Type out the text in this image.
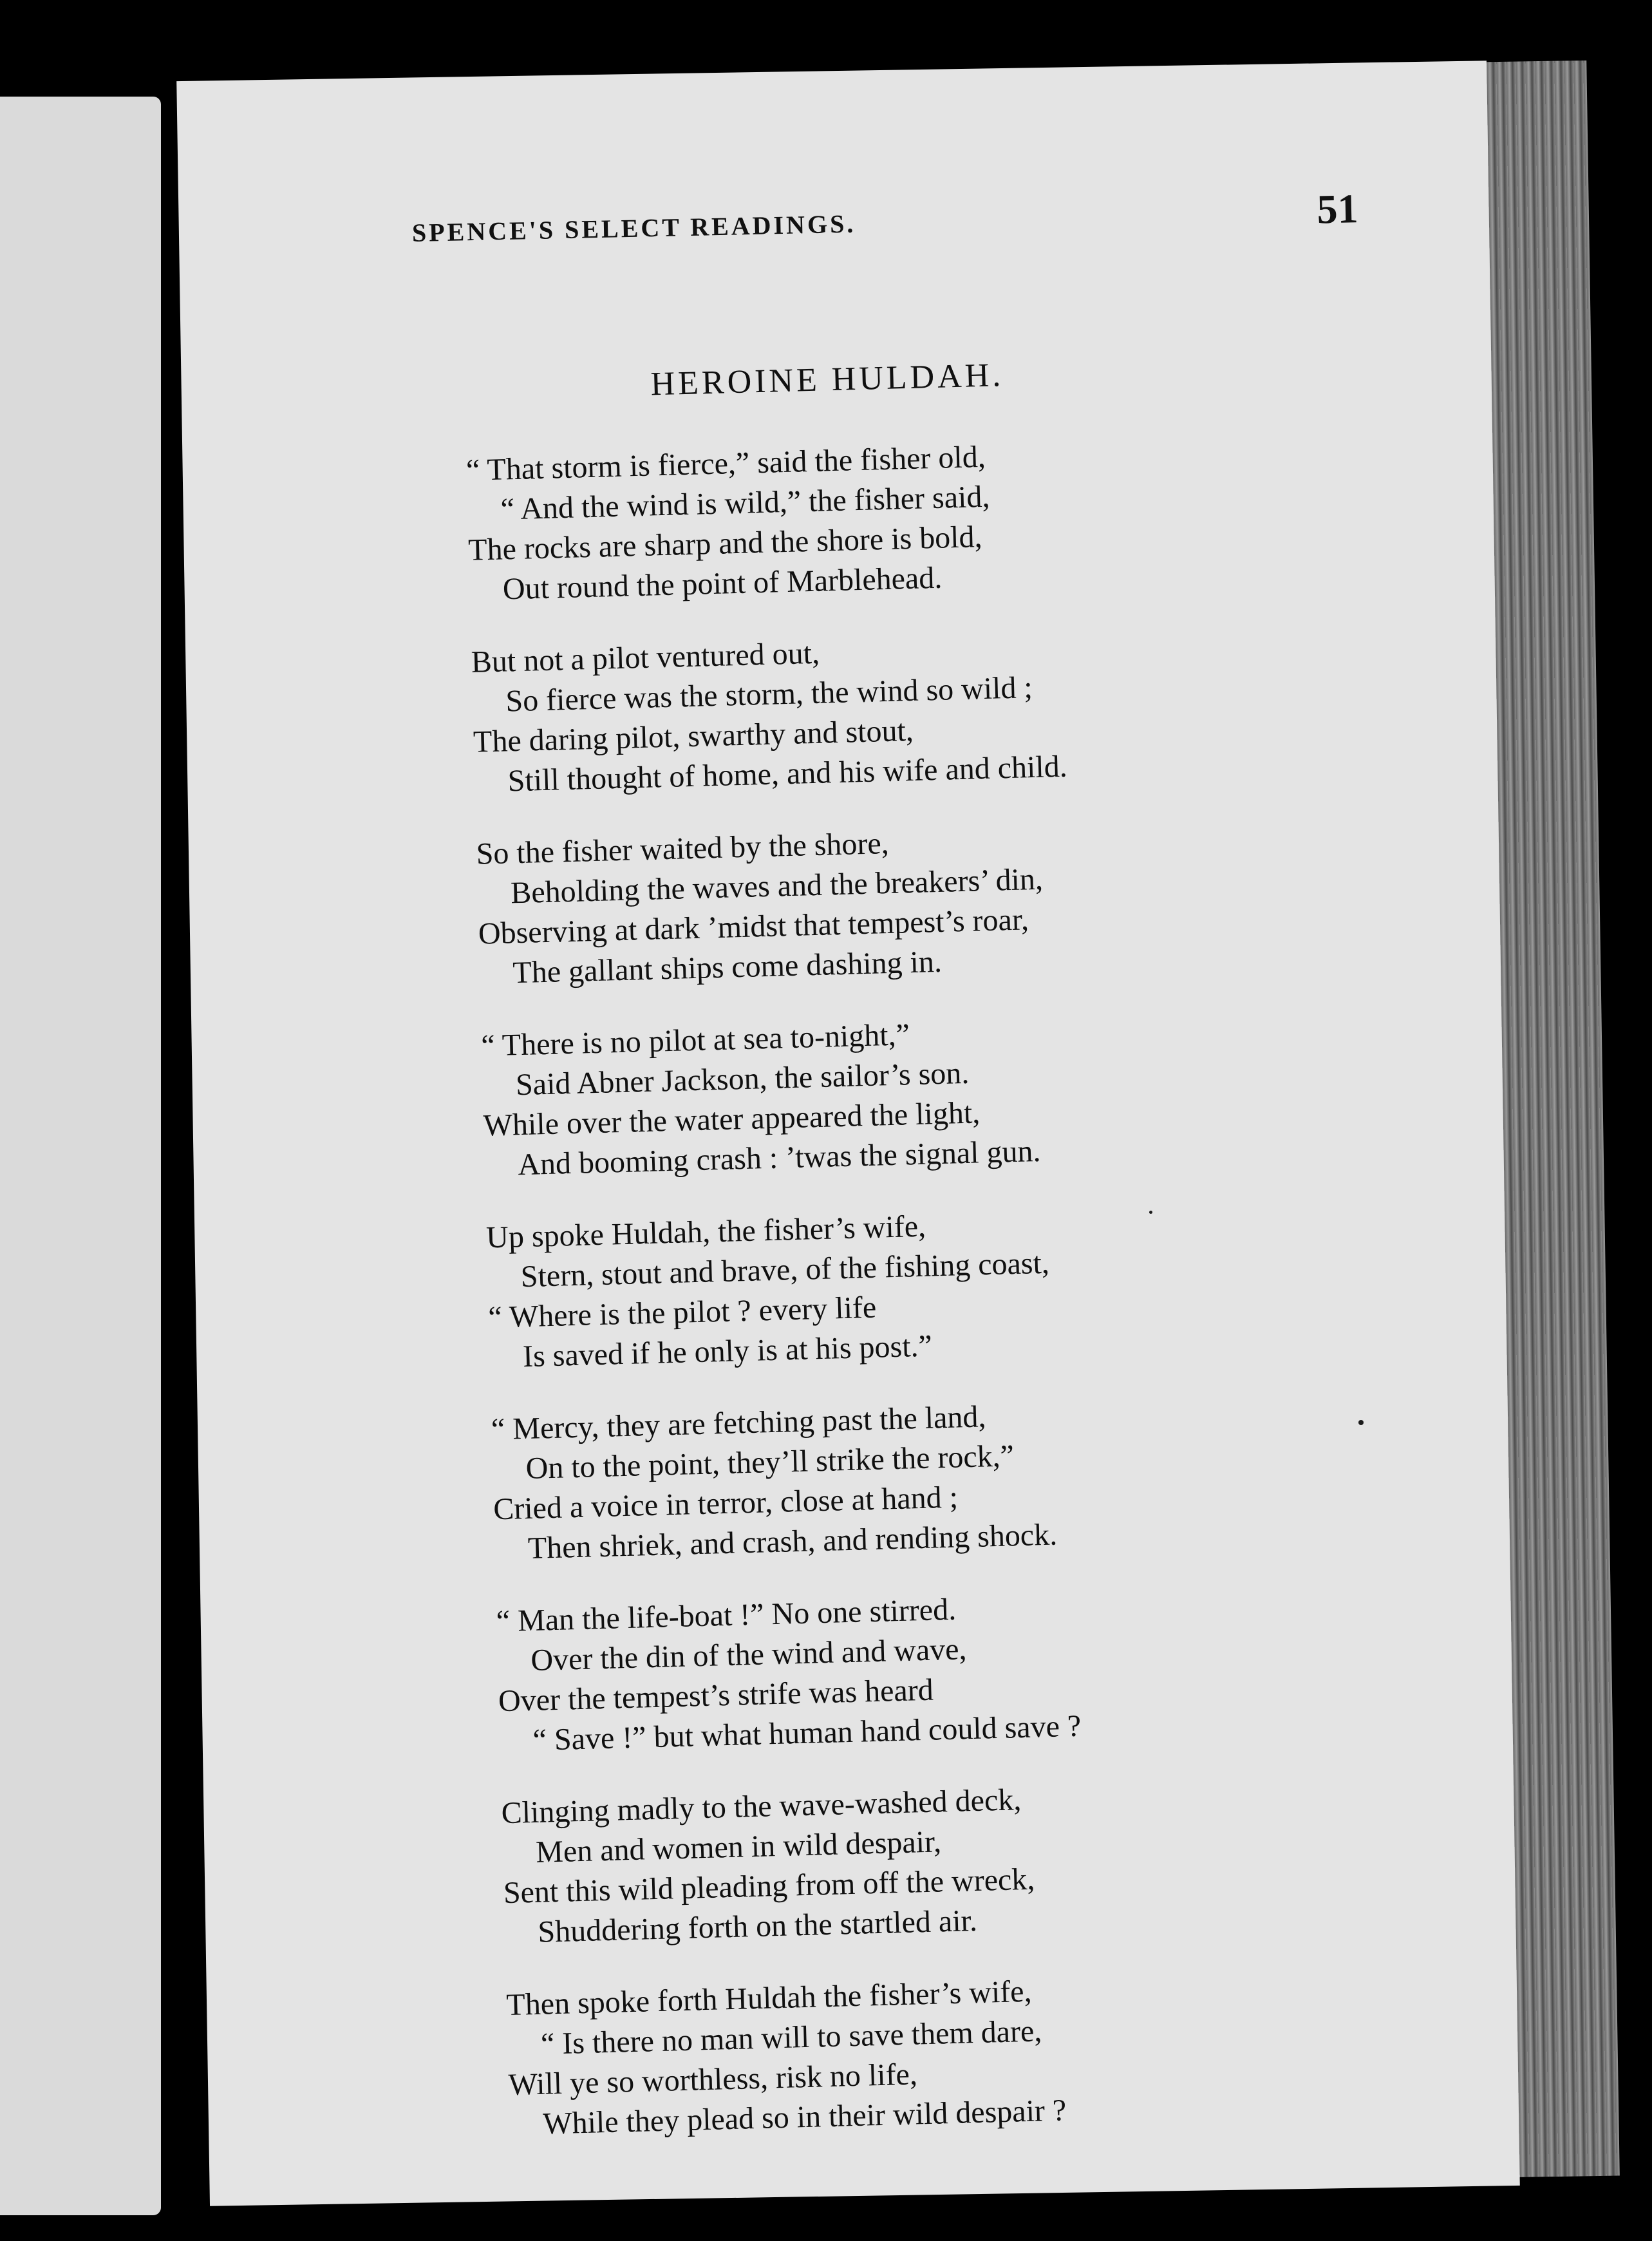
SPENCE'S SELECT READINGS.	51
HEROINE HULDAH.
“ That storm is fierce,” said the fisher old,
“ And the wind is wild,” the fisher said,
The rocks are sharp and the shore is bold,
Out round the point of Marblehead.
But not a pilot ventured out,
So fierce was the storm, the wind so wild ;
The daring pilot, swarthy and stout,
Still thought of home, and his wife and child.
So the fisher waited by the shore,
Beholding the waves and the breakers’ din,
Observing at dark ’midst that tempest’s roar,
The gallant ships come dashing in.
“ There is no pilot at sea to-night,”
Said Abner Jackson, the sailor’s son.
While over the water appeared the light,
And booming crash : ’twas the signal gun.
Up spoke Huldah, the fisher’s wife,
Stern, stout and brave, of the fishing coast,
“ Where is the pilot ? every life
Is saved if he only is at his post.”
“ Mercy, they are fetching past the land,
On to the point, they’ll strike the rock,”
Cried a voice in terror, close at hand ;
Then shriek, and crash, and rending shock.
“ Man the life-boat !” No one stirred.
Over the din of the wind and wave,
Over the tempest’s strife was heard
“ Save !” but what human hand could save ?
Clinging madly to the wave-washed deck,
Men and women in wild despair,
Sent this wild pleading from off the wreck,
Shuddering forth on the startled air.
Then spoke forth Huldah the fisher’s wife,
“ Is there no man will to save them dare,
Will ye so worthless, risk no life,
While they plead so in their wild despair ?
